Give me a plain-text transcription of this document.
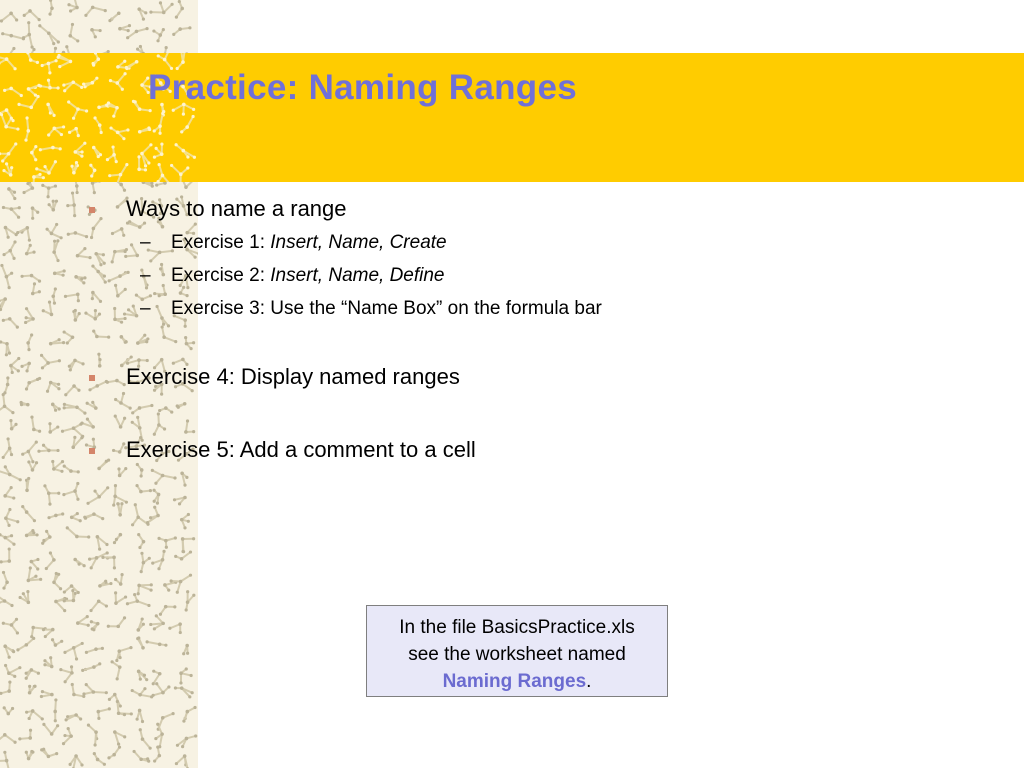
Practice: Naming Ranges
Ways to name a range
– Exercise 1: Insert, Name, Create
– Exercise 2: Insert, Name, Define
– Exercise 3: Use the “Name Box” on the formula bar
Exercise 4: Display named ranges
Exercise 5: Add a comment to a cell
In the file BasicsPractice.xls
see the worksheet named
Naming Ranges.
